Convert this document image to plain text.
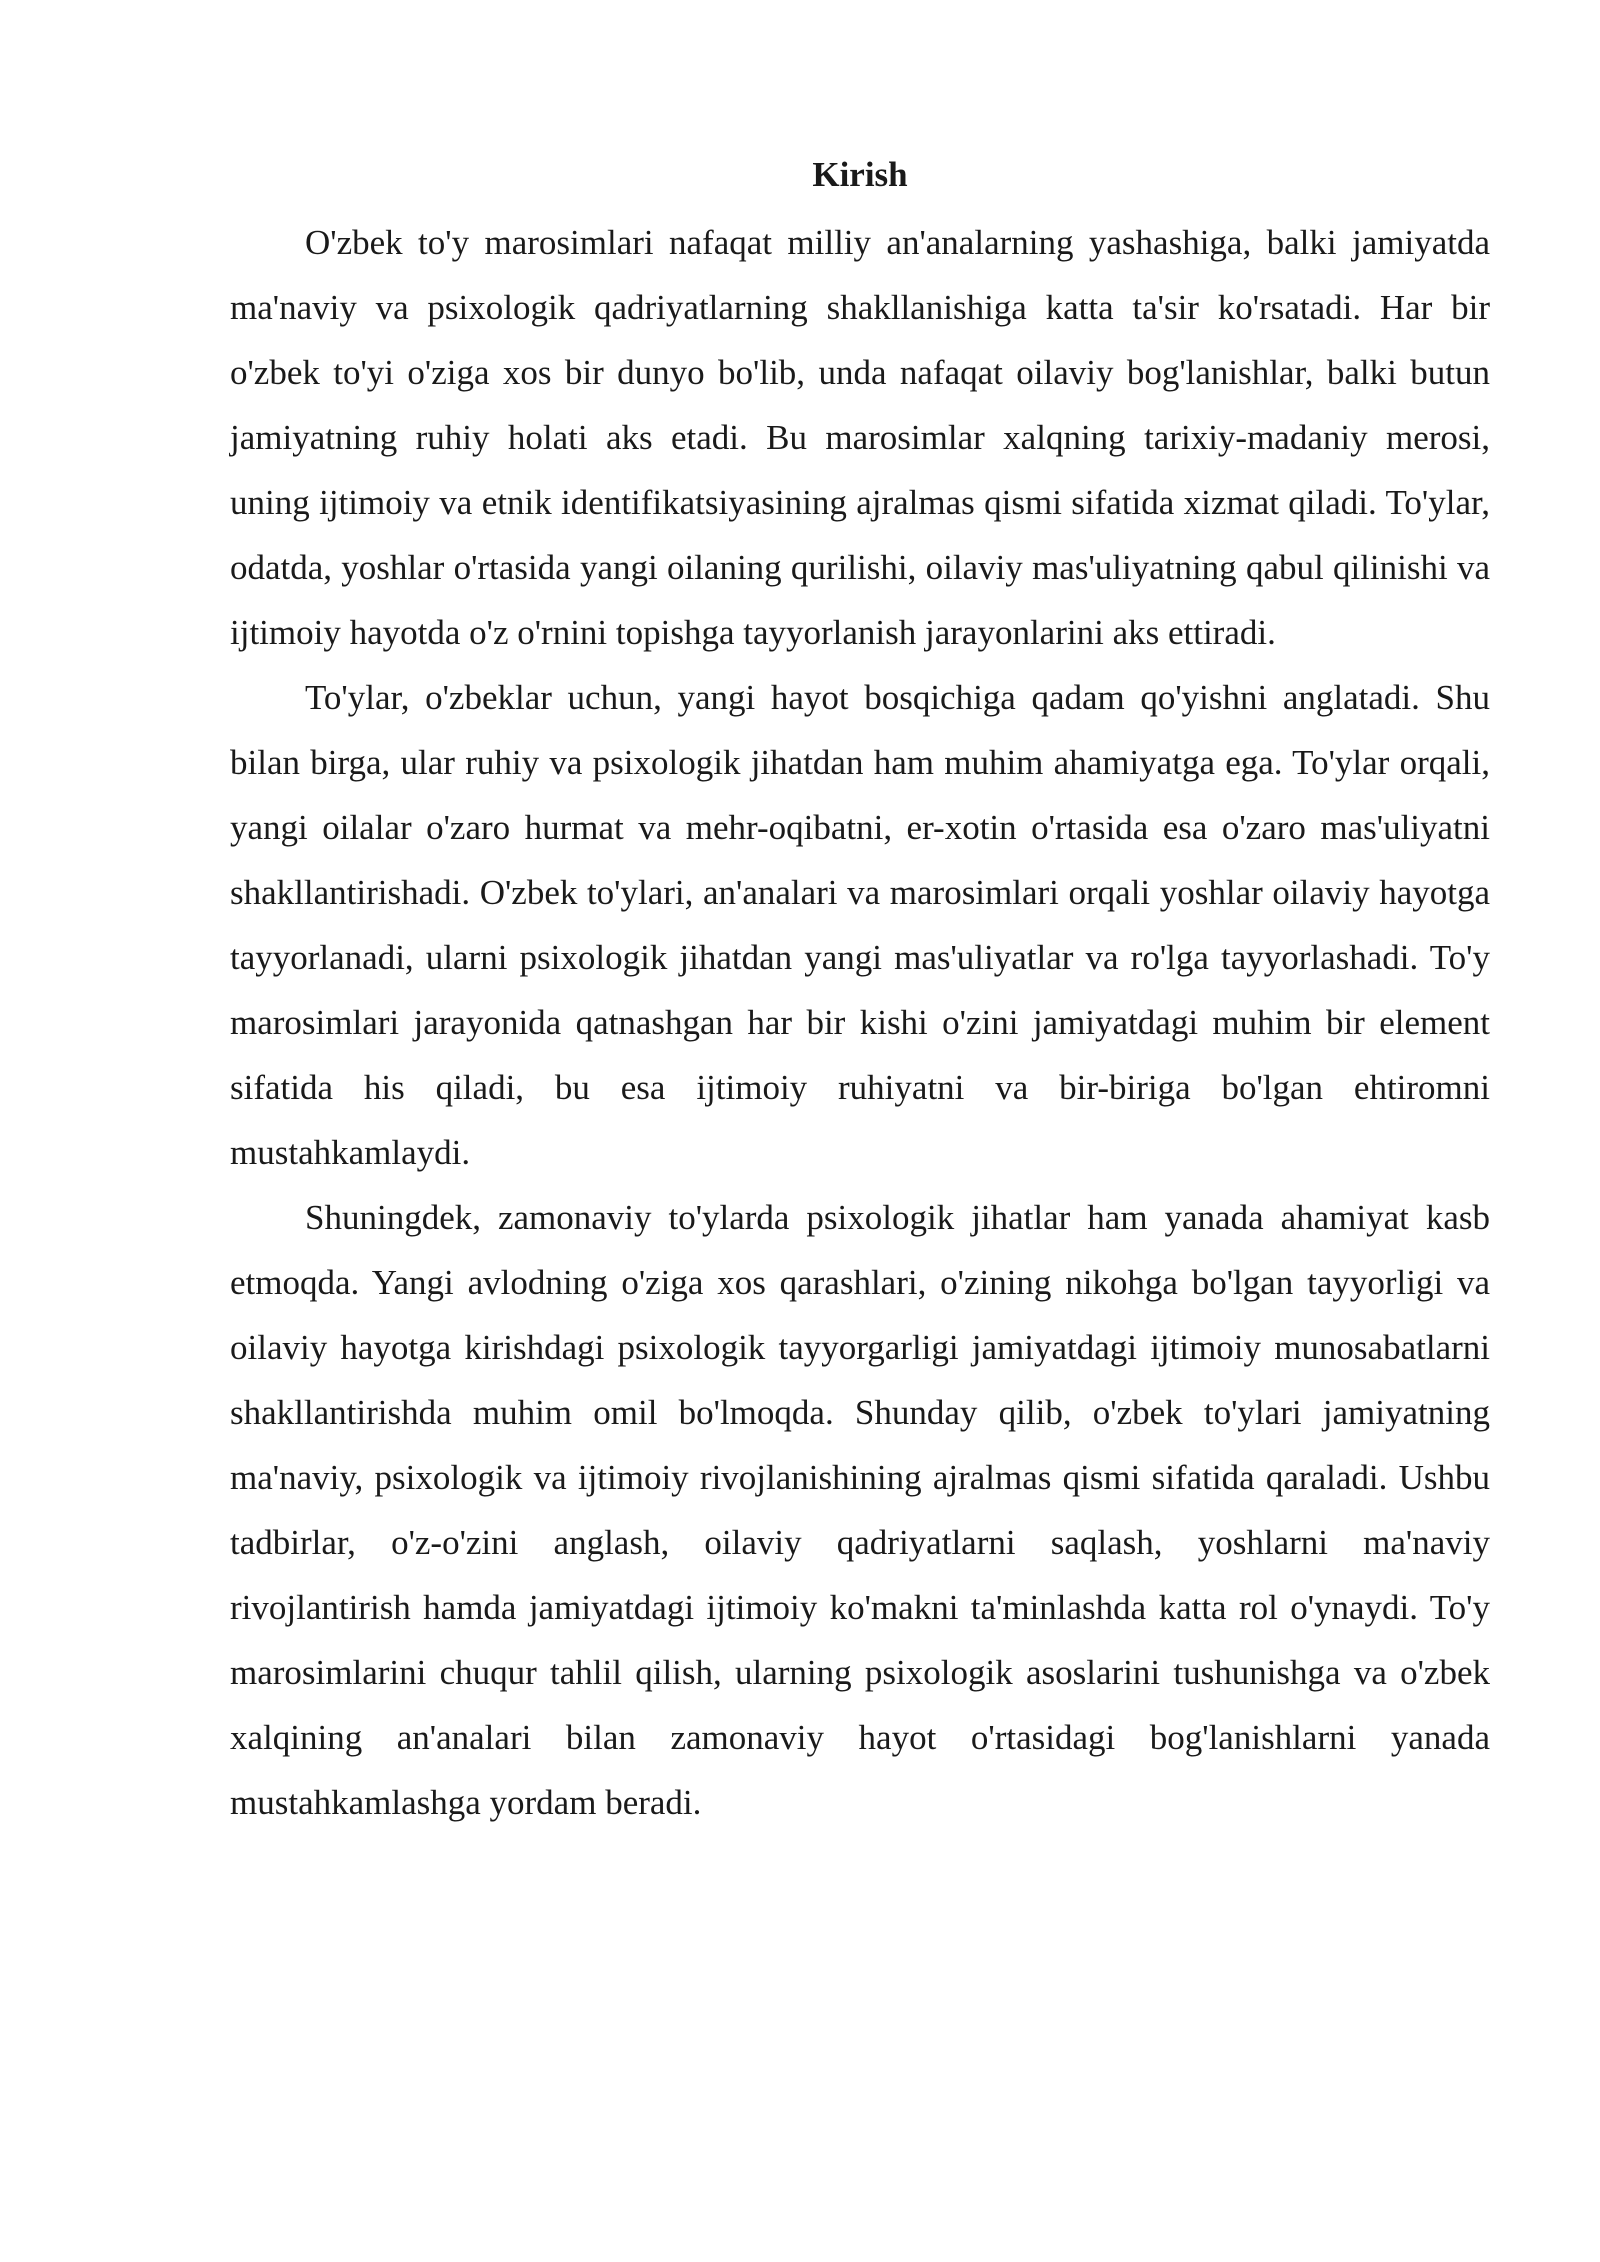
Kirish

O'zbek to'y marosimlari nafaqat milliy an'analarning yashashiga, balki jamiyatda ma'naviy va psixologik qadriyatlarning shakllanishiga katta ta'sir ko'rsatadi. Har bir o'zbek to'yi o'ziga xos bir dunyo bo'lib, unda nafaqat oilaviy bog'lanishlar, balki butun jamiyatning ruhiy holati aks etadi. Bu marosimlar xalqning tarixiy-madaniy merosi, uning ijtimoiy va etnik identifikatsiyasining ajralmas qismi sifatida xizmat qiladi. To'ylar, odatda, yoshlar o'rtasida yangi oilaning qurilishi, oilaviy mas'uliyatning qabul qilinishi va ijtimoiy hayotda o'z o'rnini topishga tayyorlanish jarayonlarini aks ettiradi.

To'ylar, o'zbeklar uchun, yangi hayot bosqichiga qadam qo'yishni anglatadi. Shu bilan birga, ular ruhiy va psixologik jihatdan ham muhim ahamiyatga ega. To'ylar orqali, yangi oilalar o'zaro hurmat va mehr-oqibatni, er-xotin o'rtasida esa o'zaro mas'uliyatni shakllantirishadi. O'zbek to'ylari, an'analari va marosimlari orqali yoshlar oilaviy hayotga tayyorlanadi, ularni psixologik jihatdan yangi mas'uliyatlar va ro'lga tayyorlashadi. To'y marosimlari jarayonida qatnashgan har bir kishi o'zini jamiyatdagi muhim bir element sifatida his qiladi, bu esa ijtimoiy ruhiyatni va bir-biriga bo'lgan ehtiromni mustahkamlaydi.

Shuningdek, zamonaviy to'ylarda psixologik jihatlar ham yanada ahamiyat kasb etmoqda. Yangi avlodning o'ziga xos qarashlari, o'zining nikohga bo'lgan tayyorligi va oilaviy hayotga kirishdagi psixologik tayyorgarligi jamiyatdagi ijtimoiy munosabatlarni shakllantirishda muhim omil bo'lmoqda. Shunday qilib, o'zbek to'ylari jamiyatning ma'naviy, psixologik va ijtimoiy rivojlanishining ajralmas qismi sifatida qaraladi. Ushbu tadbirlar, o'z-o'zini anglash, oilaviy qadriyatlarni saqlash, yoshlarni ma'naviy rivojlantirish hamda jamiyatdagi ijtimoiy ko'makni ta'minlashda katta rol o'ynaydi. To'y marosimlarini chuqur tahlil qilish, ularning psixologik asoslarini tushunishga va o'zbek xalqining an'analari bilan zamonaviy hayot o'rtasidagi bog'lanishlarni yanada mustahkamlashga yordam beradi.
